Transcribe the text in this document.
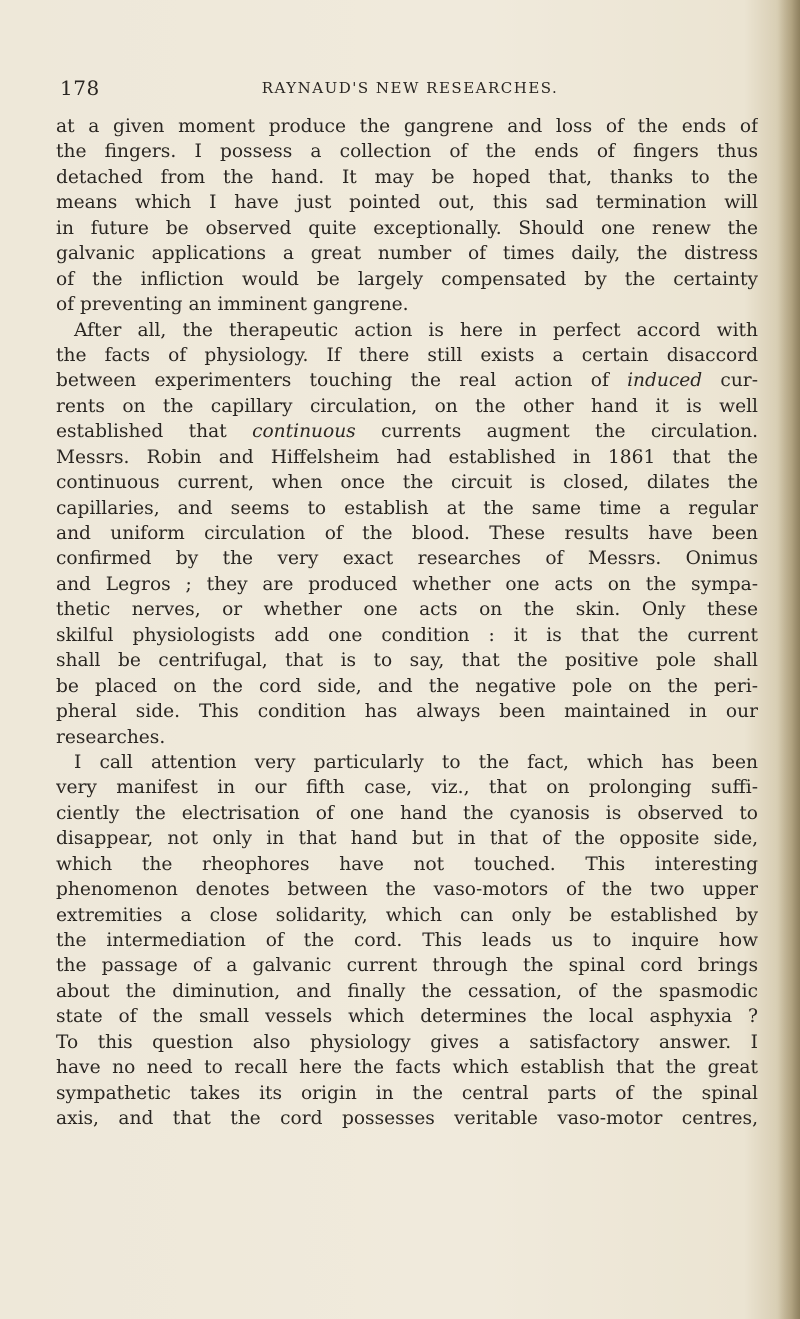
178	RAYNAUD'S NEW RESEARCHES.
at a given moment produce the gangrene and loss of the ends of
the fingers. I possess a collection of the ends of fingers thus
detached from the hand. It may be hoped that, thanks to the
means which I have just pointed out, this sad termination will
in future be observed quite exceptionally. Should one renew the
galvanic applications a great number of times daily, the distress
of the infliction would be largely compensated by the certainty
of preventing an imminent gangrene.
After all, the therapeutic action is here in perfect accord with
the facts of physiology. If there still exists a certain disaccord
between experimenters touching the real action of induced cur-
rents on the capillary circulation, on the other hand it is well
established that continuous currents augment the circulation.
Messrs. Robin and Hiffelsheim had established in 1861 that the
continuous current, when once the circuit is closed, dilates the
capillaries, and seems to establish at the same time a regular
and uniform circulation of the blood. These results have been
confirmed by the very exact researches of Messrs. Onimus
and Legros ; they are produced whether one acts on the sympa-
thetic nerves, or whether one acts on the skin. Only these
skilful physiologists add one condition : it is that the current
shall be centrifugal, that is to say, that the positive pole shall
be placed on the cord side, and the negative pole on the peri-
pheral side. This condition has always been maintained in our
researches.
I call attention very particularly to the fact, which has been
very manifest in our fifth case, viz., that on prolonging suffi-
ciently the electrisation of one hand the cyanosis is observed to
disappear, not only in that hand but in that of the opposite side,
which the rheophores have not touched. This interesting
phenomenon denotes between the vaso-motors of the two upper
extremities a close solidarity, which can only be established by
the intermediation of the cord. This leads us to inquire how
the passage of a galvanic current through the spinal cord brings
about the diminution, and finally the cessation, of the spasmodic
state of the small vessels which determines the local asphyxia ?
To this question also physiology gives a satisfactory answer. I
have no need to recall here the facts which establish that the great
sympathetic takes its origin in the central parts of the spinal
axis, and that the cord possesses veritable vaso-motor centres,
